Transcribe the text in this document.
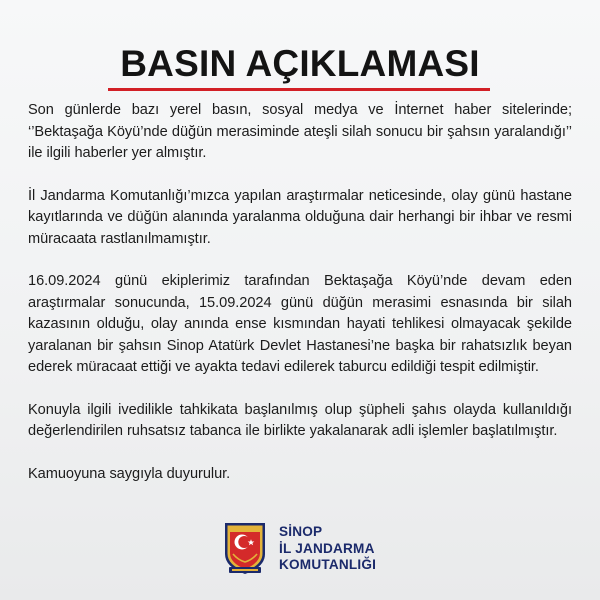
BASIN AÇIKLAMASI

Son günlerde bazı yerel basın, sosyal medya ve İnternet haber sitelerinde; ‘’Bektaşağa Köyü’nde düğün merasiminde ateşli silah sonucu bir şahsın yaralandığı’’ ile ilgili haberler yer almıştır.

İl Jandarma Komutanlığı’mızca yapılan araştırmalar neticesinde, olay günü hastane kayıtlarında ve düğün alanında yaralanma olduğuna dair herhangi bir ihbar ve resmi müracaata rastlanılmamıştır.

16.09.2024 günü ekiplerimiz tarafından Bektaşağa Köyü’nde devam eden araştırmalar sonucunda, 15.09.2024 günü düğün merasimi esnasında bir silah kazasının olduğu, olay anında ense kısmından hayati tehlikesi olmayacak şekilde yaralanan bir şahsın Sinop Atatürk Devlet Hastanesi’ne başka bir rahatsızlık beyan ederek müracaat ettiği ve ayakta tedavi edilerek taburcu edildiği tespit edilmiştir.

Konuyla ilgili ivedilikle tahkikata başlanılmış olup şüpheli şahıs olayda kullanıldığı değerlendirilen ruhsatsız tabanca ile birlikte yakalanarak adli işlemler başlatılmıştır.

Kamuoyuna saygıyla duyurulur.

SİNOP
İL JANDARMA
KOMUTANLIĞI
